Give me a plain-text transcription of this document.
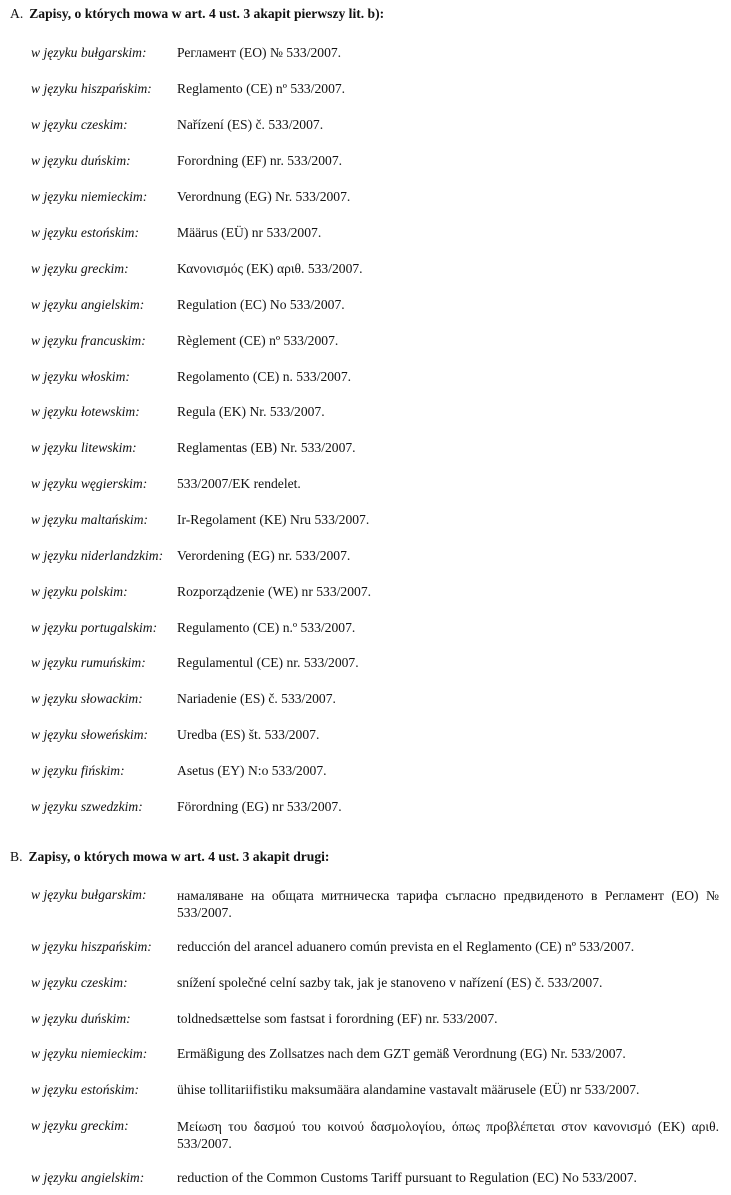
A. Zapisy, o których mowa w art. 4 ust. 3 akapit pierwszy lit. b):
w języku bułgarskim: Регламент (ЕО) № 533/2007.
w języku hiszpańskim: Reglamento (CE) nº 533/2007.
w języku czeskim:	Nařízení (ES) č. 533/2007.
w języku duńskim:	Forordning (EF) nr. 533/2007.
w języku niemieckim: Verordnung (EG) Nr. 533/2007.
w języku estońskim:	Määrus (EÜ) nr 533/2007.
w języku greckim:	Κανονισμός (ΕΚ) αριθ. 533/2007.
w języku angielskim: Regulation (EC) No 533/2007.
w języku francuskim: Règlement (CE) nº 533/2007.
w języku włoskim:	Regolamento (CE) n. 533/2007.
w języku łotewskim:	Regula (EK) Nr. 533/2007.
w języku litewskim:	Reglamentas (EB) Nr. 533/2007.
w języku węgierskim: 533/2007/EK rendelet.
w języku maltańskim: Ir-Regolament (KE) Nru 533/2007.
w języku niderlandzkim: Verordening (EG) nr. 533/2007.
w języku polskim:	Rozporządzenie (WE) nr 533/2007.
w języku portugalskim: Regulamento (CE) n.º 533/2007.
w języku rumuńskim: Regulamentul (CE) nr. 533/2007.
w języku słowackim:	Nariadenie (ES) č. 533/2007.
w języku słoweńskim: Uredba (ES) št. 533/2007.
w języku fińskim:	Asetus (EY) N:o 533/2007.
w języku szwedzkim:	Förordning (EG) nr 533/2007.
B. Zapisy, o których mowa w art. 4 ust. 3 akapit drugi:
w języku bułgarskim: намаляване на общата митническа тарифа съгласно предвиденото в Регламент (ЕО) № 533/2007.
w języku hiszpańskim: reducción del arancel aduanero común prevista en el Reglamento (CE) nº 533/2007.
w języku czeskim:	snížení společné celní sazby tak, jak je stanoveno v nařízení (ES) č. 533/2007.
w języku duńskim:	toldnedsættelse som fastsat i forordning (EF) nr. 533/2007.
w języku niemieckim: Ermäßigung des Zollsatzes nach dem GZT gemäß Verordnung (EG) Nr. 533/2007.
w języku estońskim:	ühise tollitariifistiku maksumäära alandamine vastavalt määrusele (EÜ) nr 533/2007.
w języku greckim:	Μείωση του δασμού του κοινού δασμολογίου, όπως προβλέπεται στον κανονισμό (ΕΚ) αριθ. 533/2007.
w języku angielskim: reduction of the Common Customs Tariff pursuant to Regulation (EC) No 533/2007.
